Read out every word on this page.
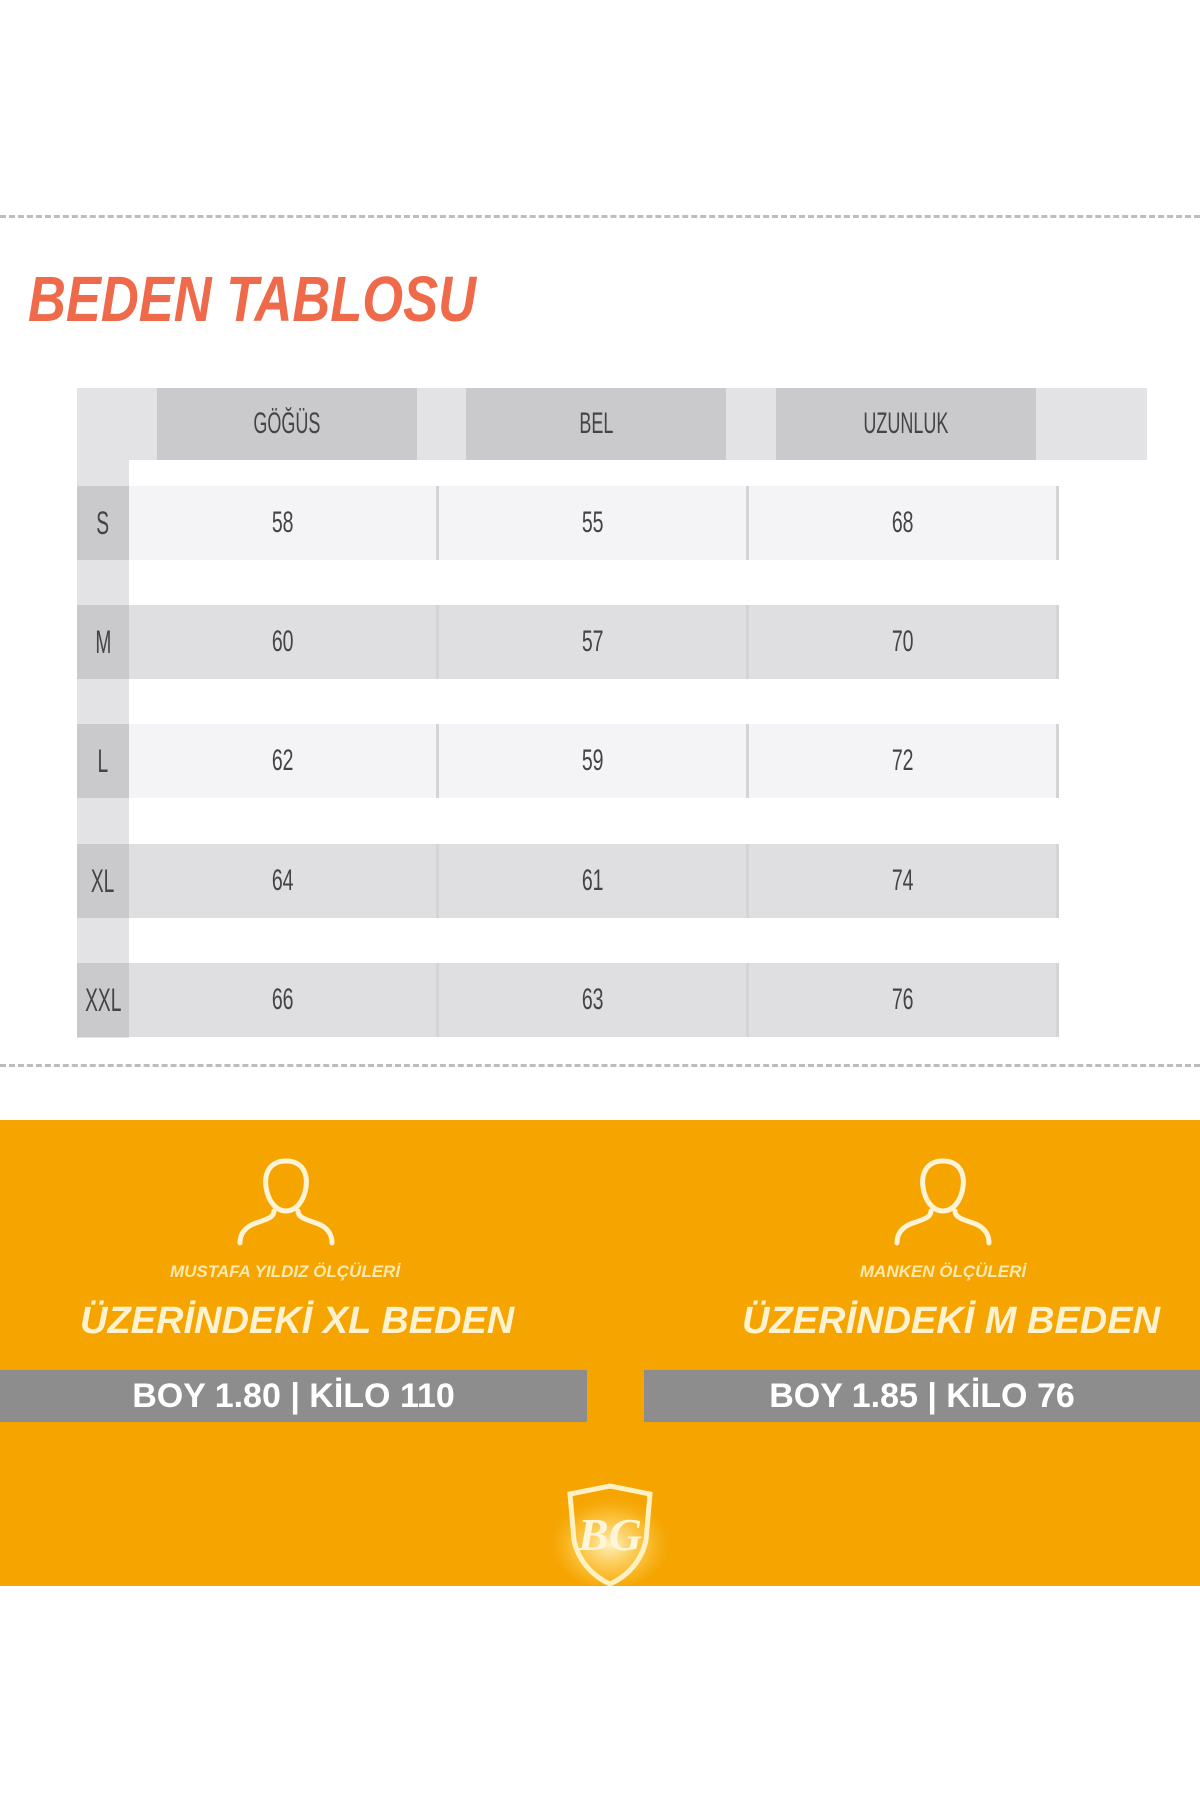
BEDEN TABLOSU
GÖĞÜS	BEL	UZUNLUK
S	58	55	68
M	60	57	70
L	62	59	72
XL	64	61	74
XXL	66	63	76
MUSTAFA YILDIZ ÖLÇÜLERİ	MANKEN ÖLÇÜLERİ
ÜZERİNDEKİ XL BEDEN	ÜZERİNDEKİ M BEDEN
BOY 1.80 | KİLO 110	BOY 1.85 | KİLO 76
BG
